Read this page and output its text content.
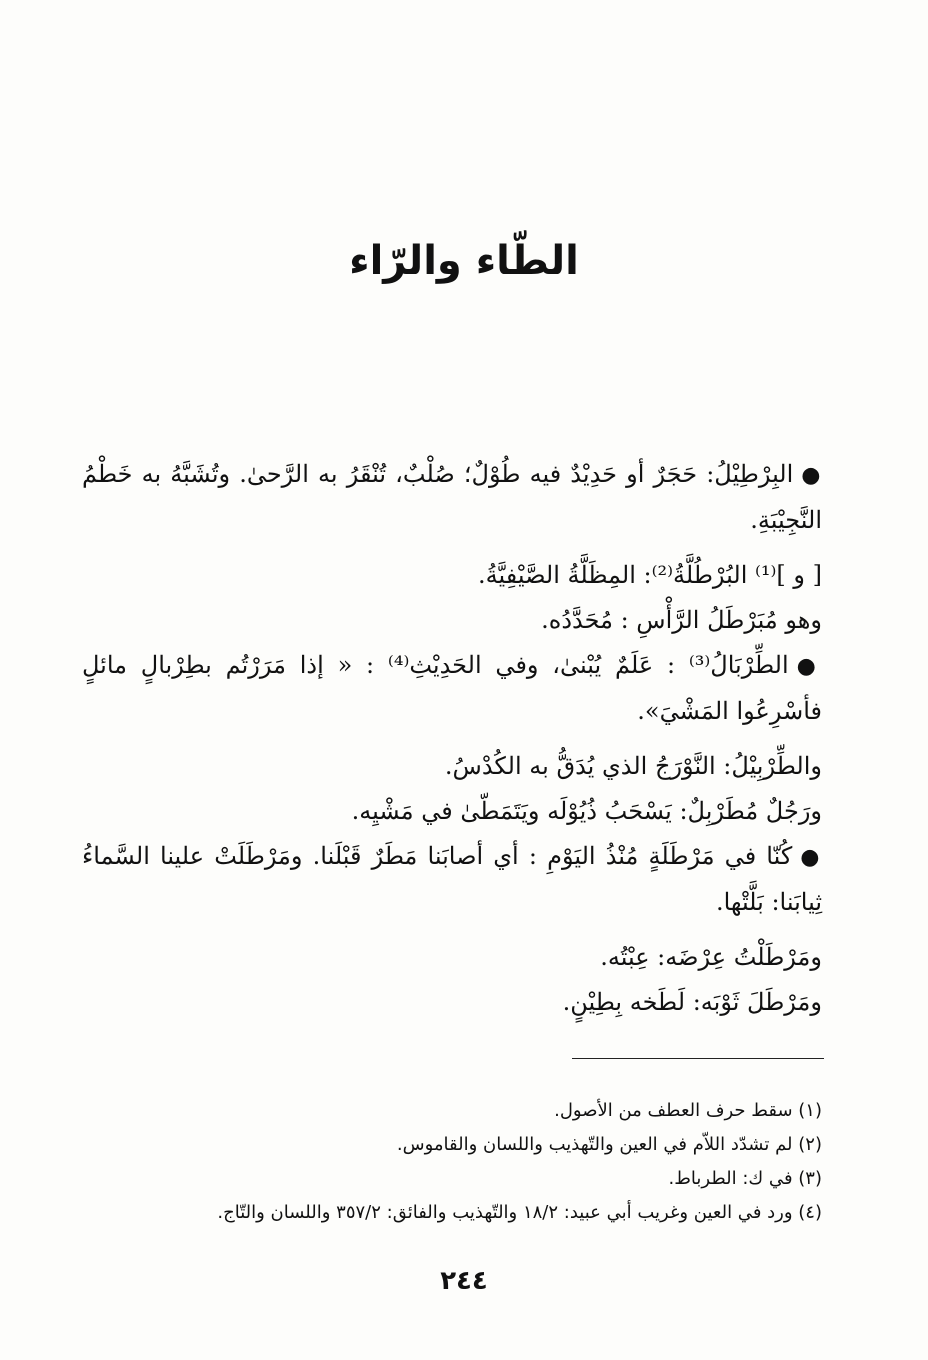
الطّاء والرّاء

●البِرْطِيْلُ: حَجَرٌ أو حَدِيْدٌ فيه طُوْلٌ؛ صُلْبٌ، تُنْقَرُ به الرَّحىٰ. وتُشَبَّهُ به خَطْمُ النَّجِيْبَةِ.

[ و ]⁽¹⁾ البُرْطُلَّةُ⁽²⁾: المِظَلَّةُ الصَّيْفِيَّةُ.

وهو مُبَرْطَلُ الرَّأْسِ : مُحَدَّدُه.

●الطِّرْبَالُ⁽³⁾ : عَلَمٌ يُبْنىٰ، وفي الحَدِيْثِ⁽⁴⁾ : « إذا مَرَرْتُم بطِرْبالٍ مائلٍ فأسْرِعُوا المَشْيَ».

والطِّرْبِيْلُ: النَّوْرَجُ الذي يُدَقُّ به الكُدْسُ.

ورَجُلٌ مُطَرْبِلٌ: يَسْحَبُ ذُيُوْلَه ويَتَمَطّىٰ في مَشْيِه.

●كُنّا في مَرْطَلَةٍ مُنْذُ اليَوْمِ : أي أصابَنا مَطَرٌ قَبْلَنا. ومَرْطَلَتْ علينا السَّماءُ ثِيابَنا: بَلَّتْها.

ومَرْطَلْتُ عِرْضَه: عِبْتُه.

ومَرْطَلَ ثَوْبَه: لَطَخه بِطِيْنٍ.

(١) سقط حرف العطف من الأصول.

(٢) لم تشدّد اللاّم في العين والتّهذيب واللسان والقاموس.

(٣) في ك: الطرباط.

(٤) ورد في العين وغريب أبي عبيد: ١٨/٢ والتّهذيب والفائق: ٣٥٧/٢ واللسان والتّاج.

٢٤٤
